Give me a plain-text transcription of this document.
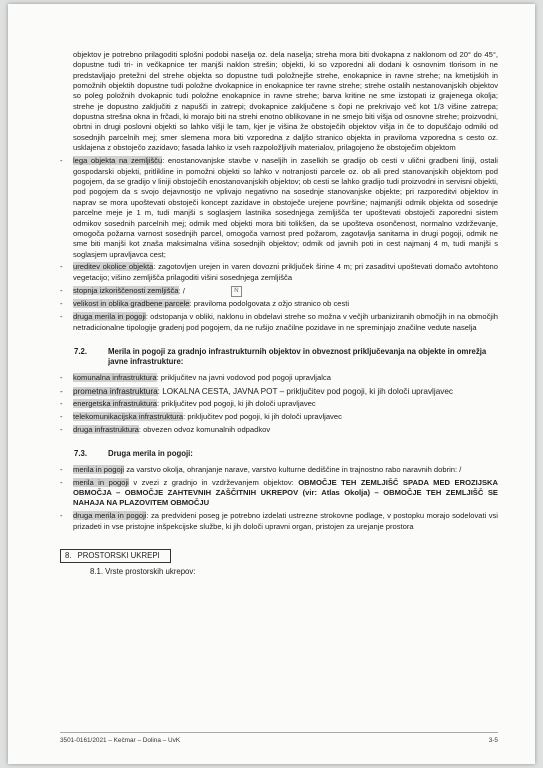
objektov je potrebno prilagoditi splošni podobi naselja oz. dela naselja; streha mora biti dvokapna z naklonom od 20° do 45°, dopustne tudi tri- in večkapnice ter manjši naklon strešin; objekti, ki so vzporedni ali dodani k osnovnim tlorisom in ne predstavljajo pretežni del strehe objekta so dopustne tudi položnejše strehe, enokapnice in ravne strehe; na kmetijskih in pomožnih objektih dopustne tudi položne dvokapnice in enokapnice ter ravne strehe; strehe ostalih nestanovanjskih objektov so poleg položnih dvokapnic tudi položne enokapnice in ravne strehe; barva kritine ne sme izstopati iz grajenega okolja; strehe je dopustno zaključiti z napušči in zatrepi; dvokapnice zaključene s čopi ne prekrivajo več kot 1/3 višine zatrepa; dopustna strešna okna in frčadi, ki morajo biti na strehi enotno oblikovane in ne smejo biti višja od osnovne strehe; proizvodni, obrtni in drugi poslovni objekti so lahko višji le tam, kjer je višina že obstoječih objektov višja in če to dopuščajo odmiki od sosednjih parcelnih mej; smer slemena mora biti vzporedna z daljšo stranico objekta in praviloma vzporedna s cesto oz. usklajena z obstoječo zazidavo; fasada lahko iz vseh razpoložljivih materialov, prilagojeno že obstoječim objektom
- lega objekta na zemljišču: enostanovanjske stavbe v naseljih in zaselkih se gradijo ob cesti v ulični gradbeni liniji, ostali gospodarski objekti, pritlikline in pomožni objekti so lahko v notranjosti parcele oz. ob ali pred stanovanjskih objektom pod pogojem, da se gradijo v liniji obstoječih enostanovanjskih objektov; ob cesti se lahko gradijo tudi proizvodni in servisni objekti, pod pogojem da s svojo dejavnostjo ne vplivajo negativno na sosednje stanovanjske objekte; pri razporeditvi objektov in naprav se mora upoštevati obstoječi koncept zazidave in obstoječe urejene površine; najmanjši odmik objekta od sosednje parcelne meje je 1 m, tudi manjši s soglasjem lastnika sosednjega zemljišča ter upoštevati obstoječi zaporedni sistem odmikov sosednih parcelnih mej; odmik med objekti mora biti tolikšen, da se upošteva osončenost, normalno vzdrževanje, omogoča požarna varnost sosednjih parcel, omogoča varnost pred požarom, zagotavlja sanitarna in drugi pogoji, odmik ne sme biti manjši kot znaša maksimalna višina sosednjih objektov; odmik od javnih poti in cest najmanj 4 m, tudi manjši s soglasjem upravljavca cest;
- ureditev okolice objekta: zagotovljen urejen in varen dovozni priključek širine 4 m; pri zasaditvi upoštevati domačo avtohtono vegetacijo; višino zemljišča prilagoditi višini sosednjega zemljišča
- stopnja izkoriščenosti zemljišča: /	N
- velikost in oblika gradbene parcele: praviloma podolgovata z ožjo stranico ob cesti
- druga merila in pogoji: odstopanja v obliki, naklonu in obdelavi strehe so možna v večjih urbaniziranih območjih in na območjih netradicionalne tipologije gradenj pod pogojem, da ne rušijo značilne pozidave in ne spreminjajo značilne vedute naselja
7.2.	Merila in pogoji za gradnjo infrastrukturnih objektov in obveznost priključevanja na objekte in omrežja javne infrastrukture:
- komunalna infrastruktura: priključitev na javni vodovod pod pogoji upravljalca
- prometna infrastruktura: LOKALNA CESTA, JAVNA POT – priključitev pod pogoji, ki jih določi upravljavec
- energetska infrastruktura: priključitev pod pogoji, ki jih določi upravljavec
- telekomunikacijska infrastruktura: priključitev pod pogoji, ki jih določi upravljavec
- druga infrastruktura: obvezen odvoz komunalnih odpadkov
7.3.	Druga merila in pogoji:
- merila in pogoji za varstvo okolja, ohranjanje narave, varstvo kulturne dediščine in trajnostno rabo naravnih dobrin: /
- merila in pogoji v zvezi z gradnjo in vzdrževanjem objektov: OBMOČJE TEH ZEMLJIŠČ SPADA MED EROZIJSKA OBMOČJA – OBMOČJE ZAHTEVNIH ZAŠČITNIH UKREPOV (vir: Atlas Okolja) – OBMOČJE TEH ZEMLJIŠČ SE NAHAJA NA PLAZOVITEM OBMOČJU
- druga merila in pogoji: za predvideni poseg je potrebno izdelati ustrezne strokovne podlage, v postopku morajo sodelovati vsi prizadeti in vse pristojne inšpekcijske službe, ki jih določi upravni organ, pristojen za urejanje prostora
8. PROSTORSKI UKREPI
8.1. Vrste prostorskih ukrepov:
3501-0161/2021 – Kečmar – Dolina – UvK	3-5
